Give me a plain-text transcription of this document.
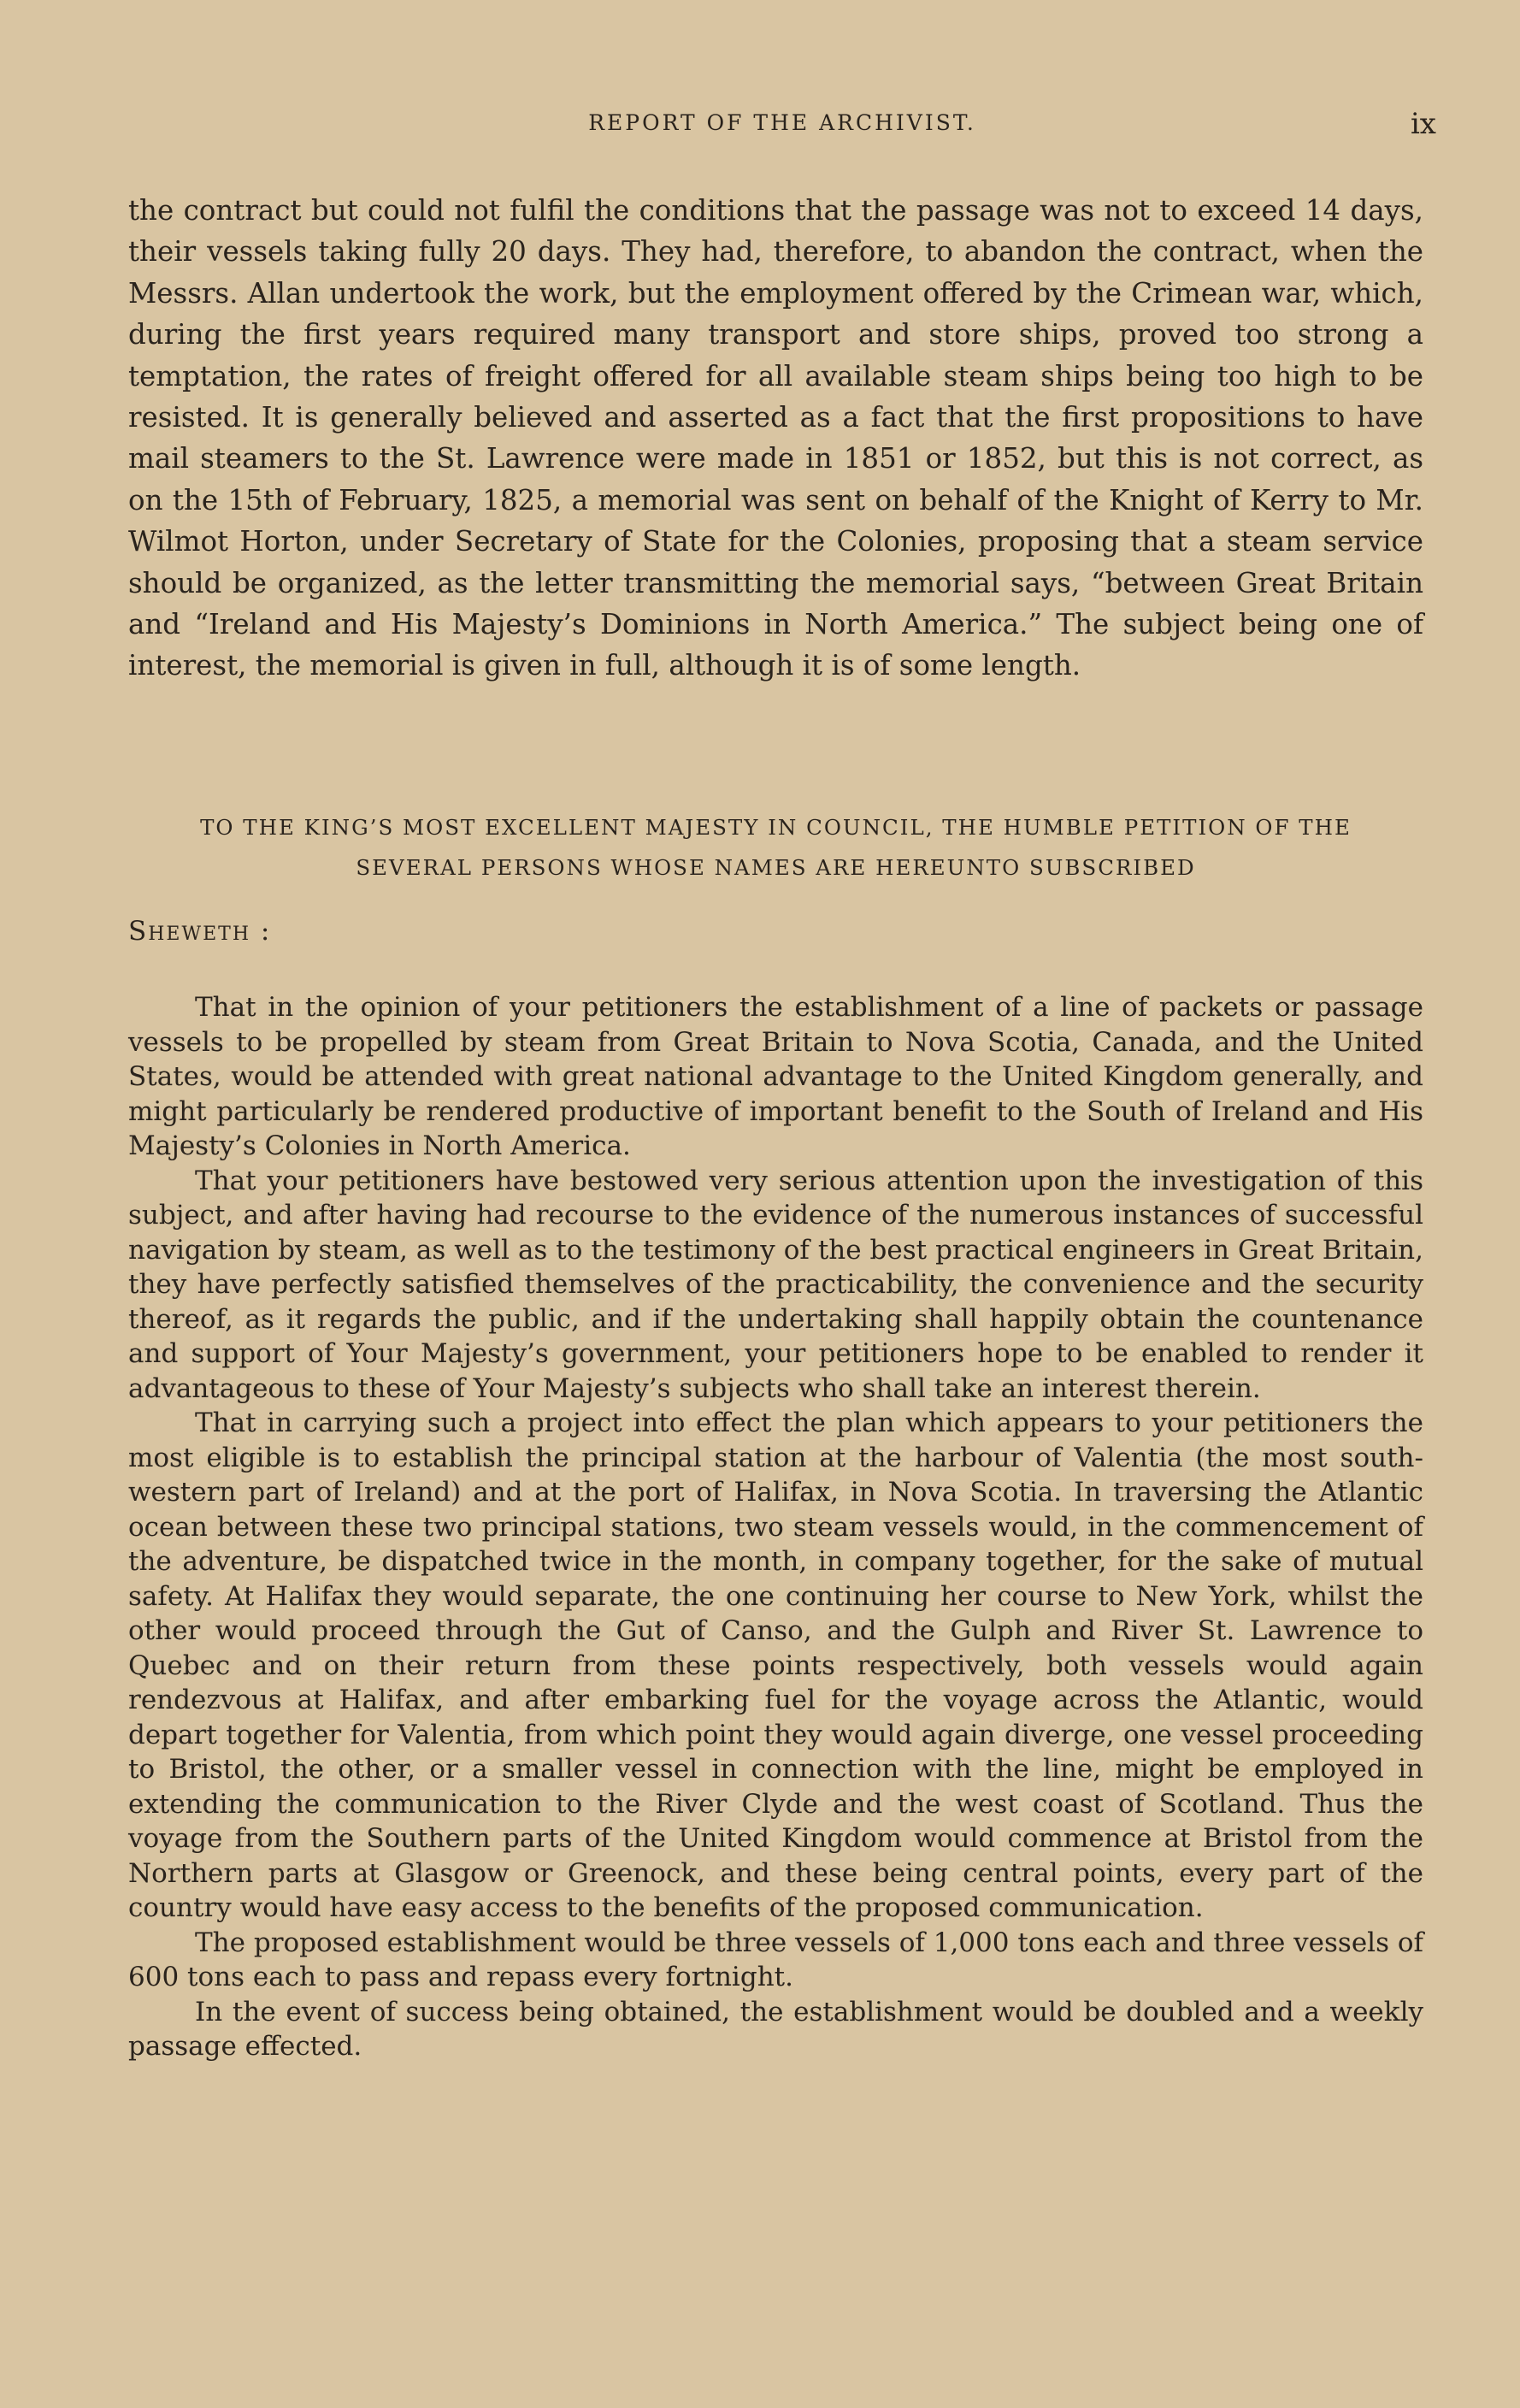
REPORT OF THE ARCHIVIST.	ix

the contract but could not fulfil the conditions that the passage was not to exceed 14 days, their vessels taking fully 20 days. They had, therefore, to abandon the contract, when the Messrs. Allan undertook the work, but the employment offered by the Crimean war, which, during the first years required many transport and store ships, proved too strong a temptation, the rates of freight offered for all available steam ships being too high to be resisted. It is generally believed and asserted as a fact that the first propositions to have mail steamers to the St. Lawrence were made in 1851 or 1852, but this is not correct, as on the 15th of February, 1825, a memorial was sent on behalf of the Knight of Kerry to Mr. Wilmot Horton, under Secretary of State for the Colonies, proposing that a steam service should be organized, as the letter transmitting the memorial says, “between Great Britain and “Ireland and His Majesty’s Dominions in North America.” The subject being one of interest, the memorial is given in full, although it is of some length.

TO THE KING’S MOST EXCELLENT MAJESTY IN COUNCIL, THE HUMBLE PETITION OF THE
SEVERAL PERSONS WHOSE NAMES ARE HEREUNTO SUBSCRIBED
Sheweth :

That in the opinion of your petitioners the establishment of a line of packets or passage vessels to be propelled by steam from Great Britain to Nova Scotia, Canada, and the United States, would be attended with great national advantage to the United Kingdom generally, and might particularly be rendered productive of important benefit to the South of Ireland and His Majesty’s Colonies in North America.

That your petitioners have bestowed very serious attention upon the investigation of this subject, and after having had recourse to the evidence of the numerous instances of successful navigation by steam, as well as to the testimony of the best practical engineers in Great Britain, they have perfectly satisfied themselves of the practicability, the convenience and the security thereof, as it regards the public, and if the undertaking shall happily obtain the countenance and support of Your Majesty’s government, your petitioners hope to be enabled to render it advantageous to these of Your Majesty’s subjects who shall take an interest therein.

That in carrying such a project into effect the plan which appears to your petitioners the most eligible is to establish the principal station at the harbour of Valentia (the most south-western part of Ireland) and at the port of Halifax, in Nova Scotia. In traversing the Atlantic ocean between these two principal stations, two steam vessels would, in the commencement of the adventure, be dispatched twice in the month, in company together, for the sake of mutual safety. At Halifax they would separate, the one continuing her course to New York, whilst the other would proceed through the Gut of Canso, and the Gulph and River St. Lawrence to Quebec and on their return from these points respectively, both vessels would again rendezvous at Halifax, and after embarking fuel for the voyage across the Atlantic, would depart together for Valentia, from which point they would again diverge, one vessel proceeding to Bristol, the other, or a smaller vessel in connection with the line, might be employed in extending the communication to the River Clyde and the west coast of Scotland. Thus the voyage from the Southern parts of the United Kingdom would commence at Bristol from the Northern parts at Glasgow or Greenock, and these being central points, every part of the country would have easy access to the benefits of the proposed communication.

The proposed establishment would be three vessels of 1,000 tons each and three vessels of 600 tons each to pass and repass every fortnight.

In the event of success being obtained, the establishment would be doubled and a weekly passage effected.
